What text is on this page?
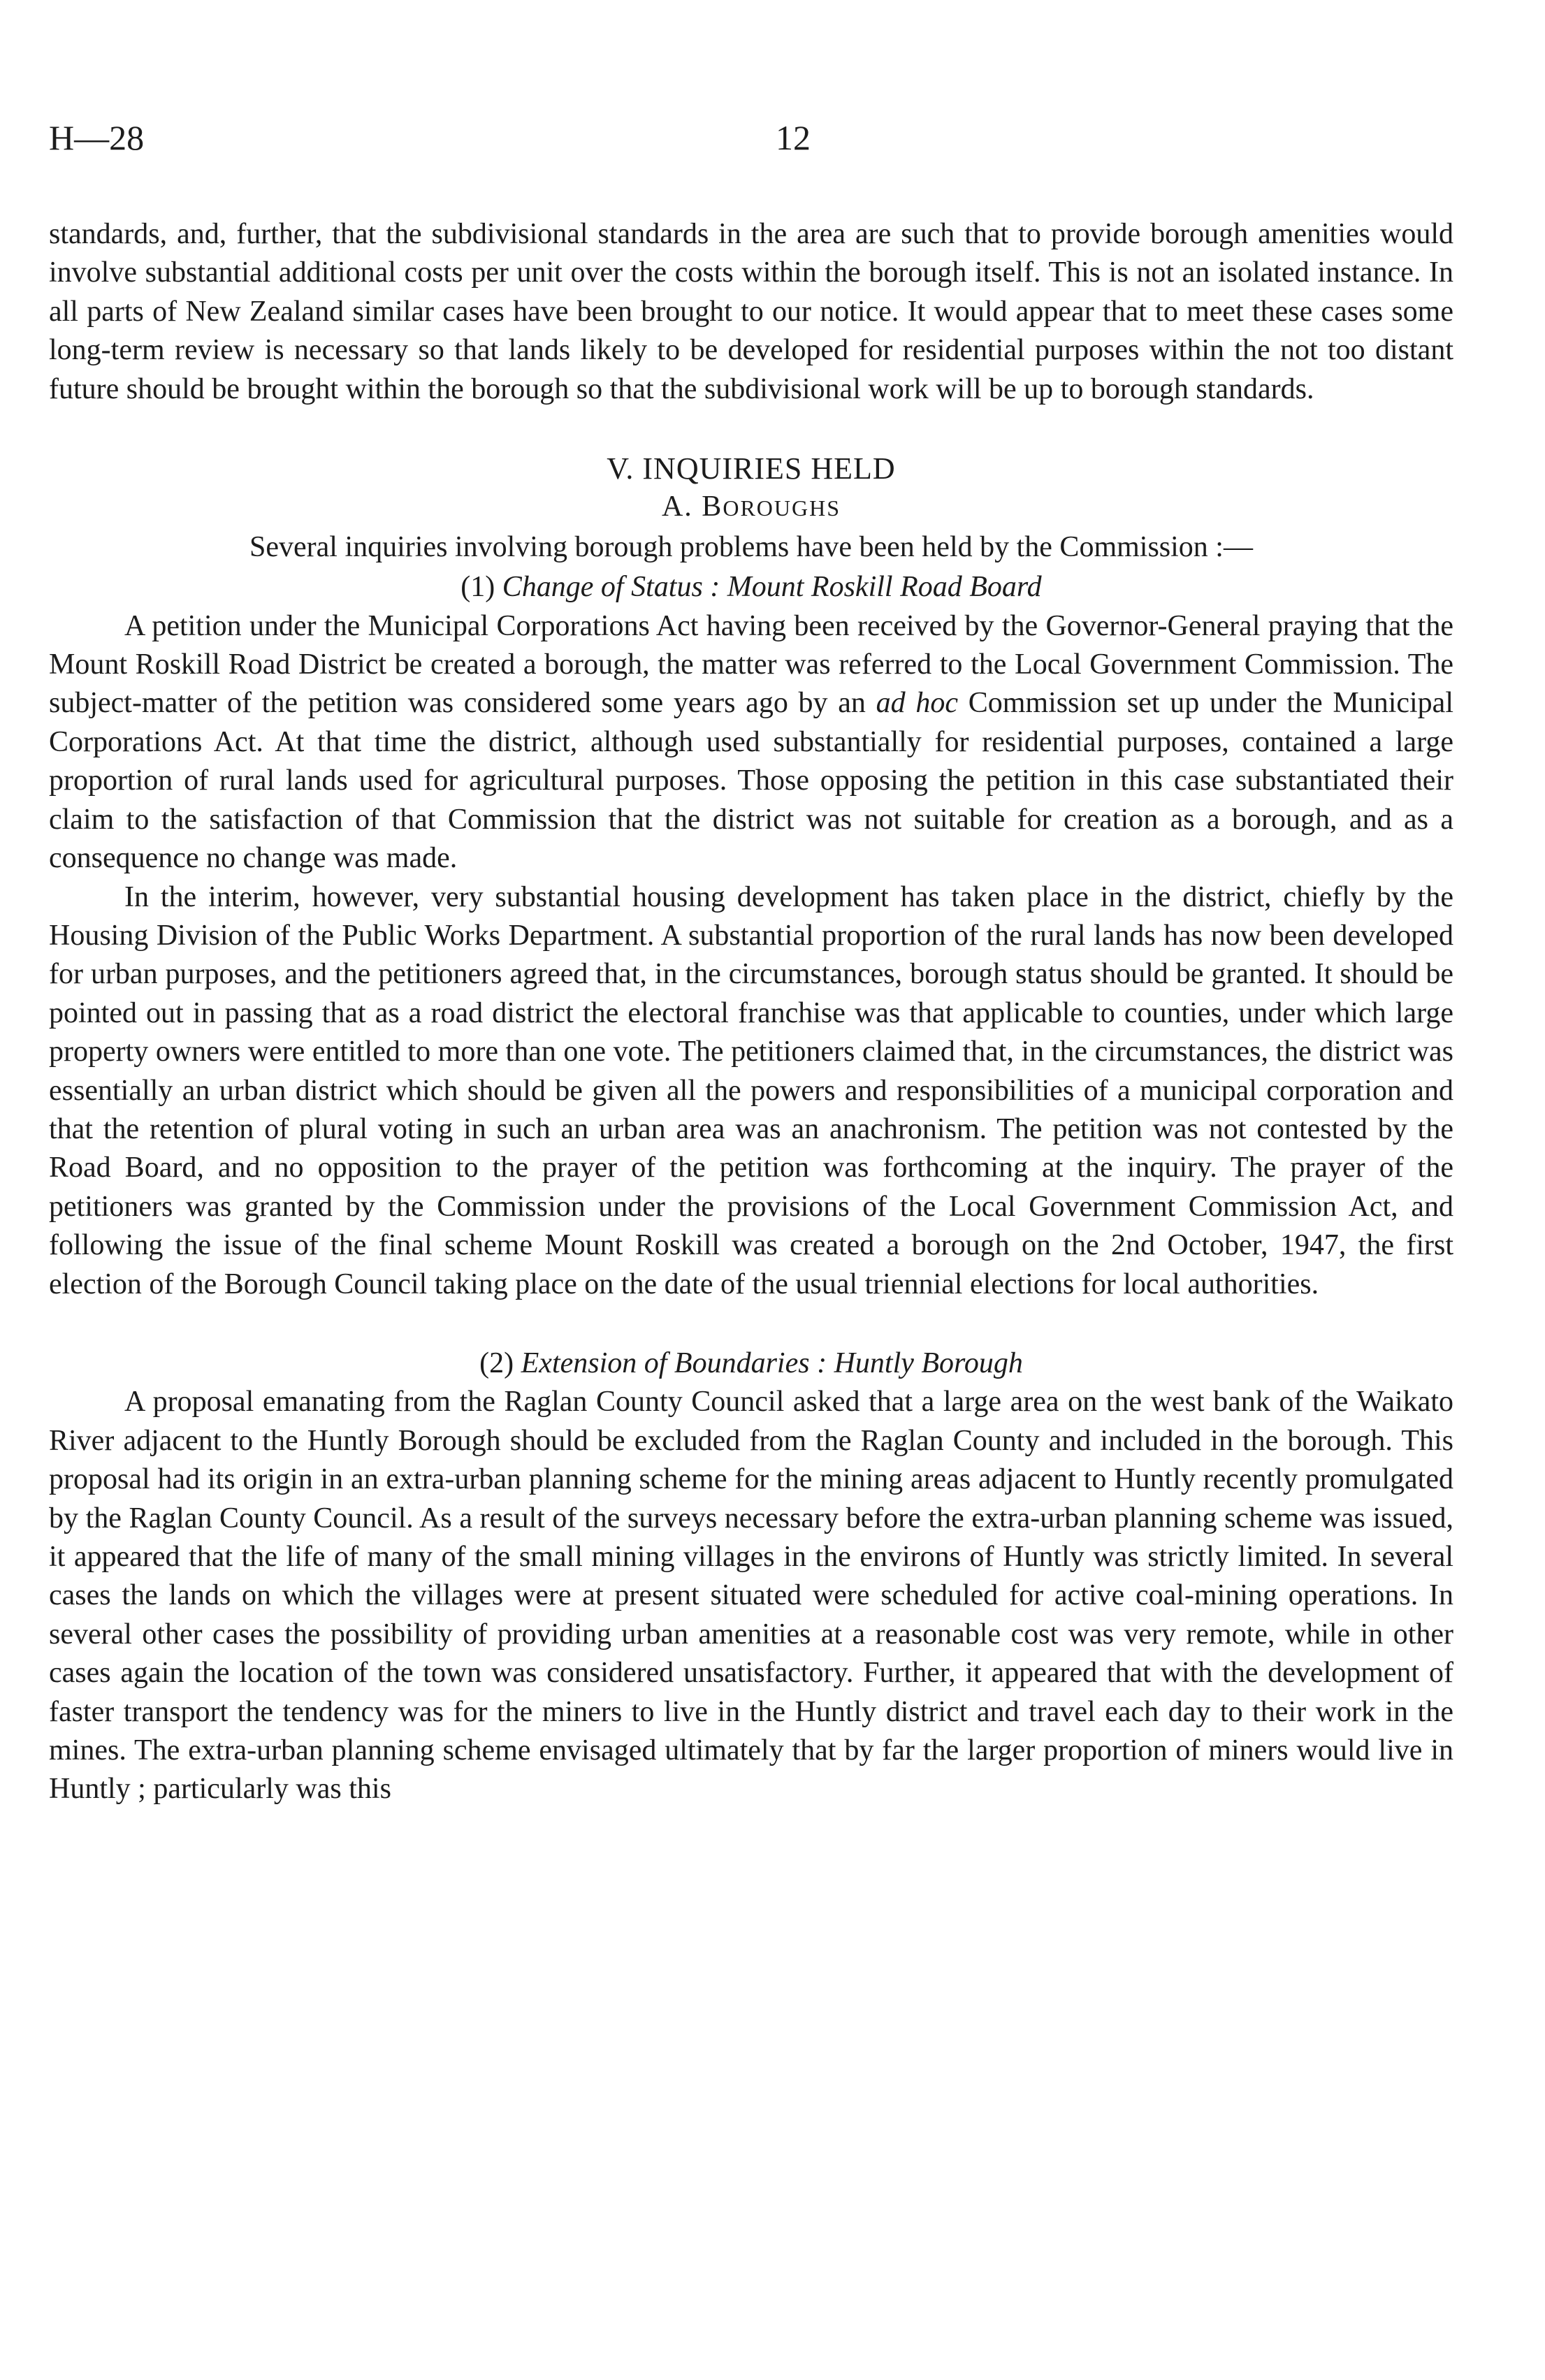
H—28	12

standards, and, further, that the subdivisional standards in the area are such that to provide borough amenities would involve substantial additional costs per unit over the costs within the borough itself. This is not an isolated instance. In all parts of New Zealand similar cases have been brought to our notice. It would appear that to meet these cases some long-term review is necessary so that lands likely to be developed for residential purposes within the not too distant future should be brought within the borough so that the subdivisional work will be up to borough standards.

V. INQUIRIES HELD
A. BOROUGHS

Several inquiries involving borough problems have been held by the Commission :—

(1) Change of Status : Mount Roskill Road Board

A petition under the Municipal Corporations Act having been received by the Governor-General praying that the Mount Roskill Road District be created a borough, the matter was referred to the Local Government Commission. The subject-matter of the petition was considered some years ago by an ad hoc Commission set up under the Municipal Corporations Act. At that time the district, although used substantially for residential purposes, contained a large proportion of rural lands used for agricultural purposes. Those opposing the petition in this case substantiated their claim to the satisfaction of that Commission that the district was not suitable for creation as a borough, and as a consequence no change was made.

In the interim, however, very substantial housing development has taken place in the district, chiefly by the Housing Division of the Public Works Department. A substantial proportion of the rural lands has now been developed for urban purposes, and the petitioners agreed that, in the circumstances, borough status should be granted. It should be pointed out in passing that as a road district the electoral franchise was that applicable to counties, under which large property owners were entitled to more than one vote. The petitioners claimed that, in the circumstances, the district was essentially an urban district which should be given all the powers and responsibilities of a municipal corporation and that the retention of plural voting in such an urban area was an anachronism. The petition was not contested by the Road Board, and no opposition to the prayer of the petition was forthcoming at the inquiry. The prayer of the petitioners was granted by the Commission under the provisions of the Local Government Commission Act, and following the issue of the final scheme Mount Roskill was created a borough on the 2nd October, 1947, the first election of the Borough Council taking place on the date of the usual triennial elections for local authorities.

(2) Extension of Boundaries : Huntly Borough

A proposal emanating from the Raglan County Council asked that a large area on the west bank of the Waikato River adjacent to the Huntly Borough should be excluded from the Raglan County and included in the borough. This proposal had its origin in an extra-urban planning scheme for the mining areas adjacent to Huntly recently promulgated by the Raglan County Council. As a result of the surveys necessary before the extra-urban planning scheme was issued, it appeared that the life of many of the small mining villages in the environs of Huntly was strictly limited. In several cases the lands on which the villages were at present situated were scheduled for active coal-mining operations. In several other cases the possibility of providing urban amenities at a reasonable cost was very remote, while in other cases again the location of the town was considered unsatisfactory. Further, it appeared that with the development of faster transport the tendency was for the miners to live in the Huntly district and travel each day to their work in the mines. The extra-urban planning scheme envisaged ultimately that by far the larger proportion of miners would live in Huntly ; particularly was this
